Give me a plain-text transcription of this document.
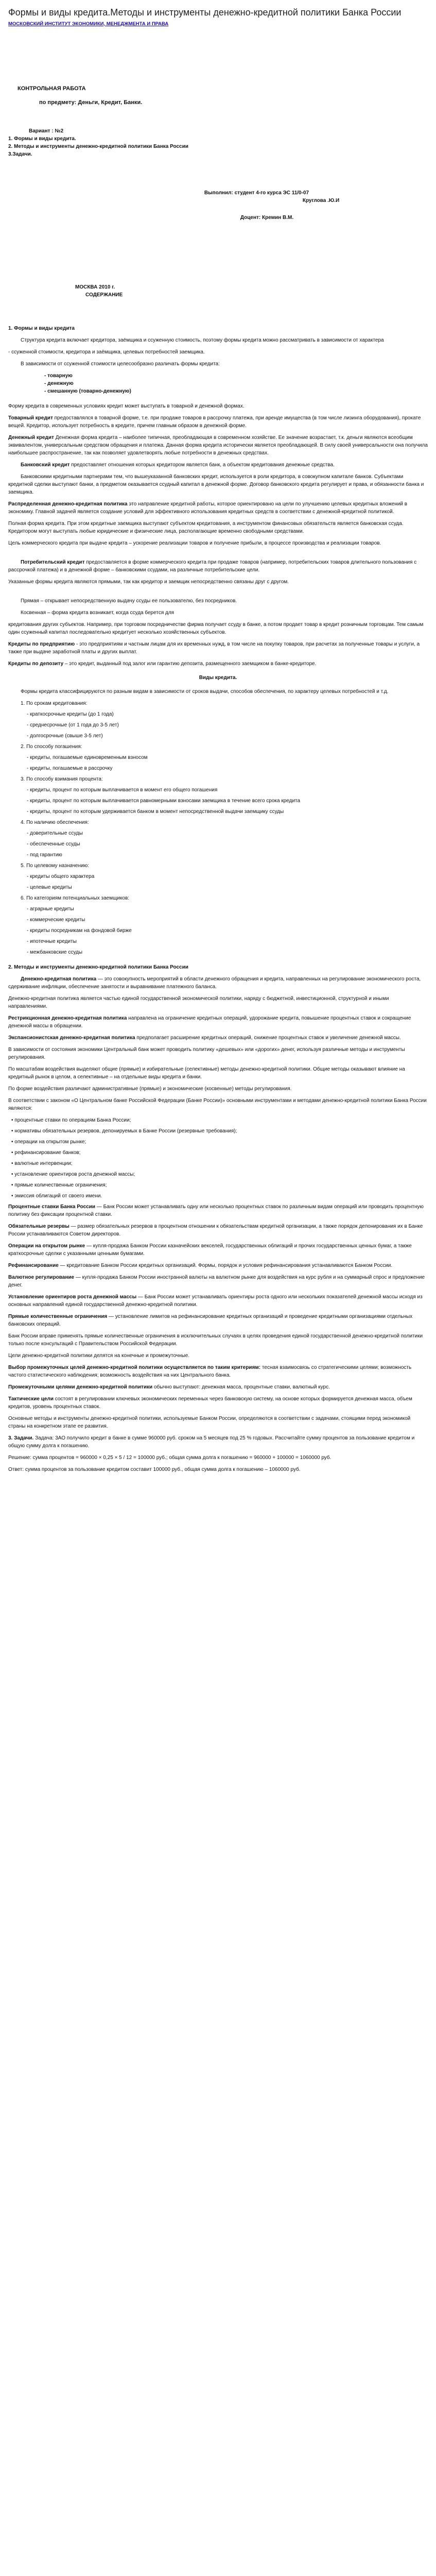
Формы и виды кредита.Методы и инструменты денежно-кредитной политики Банка России
МОСКОВСКИЙ ИНСТИТУТ ЭКОНОМИКИ, МЕНЕДЖМЕНТА И ПРАВА
КОНТРОЛЬНАЯ РАБОТА
по предмету: Деньги, Кредит, Банки.
Вариант : №2
1. Формы и виды кредита.
2. Методы и инструменты денежно-кредитной политики Банка России
3.Задачи.
Выполнил: студент 4-го курса ЭС 11/0-07
Круглова .Ю.И
Доцент: Кремин В.М.
МОСКВА 2010 г.
СОДЕРЖАНИЕ
1. Формы и виды кредита

Структура кредита включает кредитора, заёмщика и ссуженную стоимость, поэтому формы кредита можно рассматривать в зависимости от характера

- ссуженной стоимости, кредитора и заёмщика, целевых потребностей заемщика.

В зависимости от ссуженной стоимости целесообразно различать формы кредита:

- товарную
- денежную
- смешанную (товарно-денежную)

Форму кредита в современных условиях кредит может выступать в товарной и денежной формах.

Товарный кредит предоставлялся в товарной форме, т.е. при продаже товаров в рассрочку платежа, при аренде имущества (в том числе лизинга оборудования), прокате вещей. Кредитор, использует потребность в кредите, причем главным образом в денежной форме.

Денежный кредит Денежная форма кредита – наиболее типичная, преобладающая в современном хозяйстве. Ее значение возрастает, т.к. деньги являются всеобщим эквивалентом, универсальным средством обращения и платежа. Данная форма кредита исторически является преобладающей. В силу своей универсальности она получила наибольшее распространение, так как позволяет удовлетворять любые потребности в денежных средствах.

Банковский кредит предоставляет отношения которых кредитором является банк, а объектом кредитования денежные средства.

Банковскими кредитными партнерами тем, что вышеуказанной банковских кредит, используется в роли кредитора, в совокупном капитале банков. Субъектами кредитной сделки выступают банки, а предметом оказывается ссудный капитал в денежной форме. Договор банковского кредита регулирует и права, и обязанности банка и заемщика.

Распределенная денежно-кредитная политика это направление кредитной работы, которое ориентировано на цели по улучшению целевых кредитных вложений в экономику. Главной задачей является создание условий для эффективного использования кредитных средств в соответствии с денежной-кредитной политикой.

Полная форма кредита. При этом кредитные заемщика выступают субъектом кредитования, а инструментом финансовых обязательств является банковская ссуда. Кредитором могут выступать любые юридические и физические лица, располагающие временно свободными средствами.

Цель коммерческого кредита при выдаче кредита – ускорение реализации товаров и получение прибыли, в процессе производства и реализации товаров.

Потребительский кредит предоставляется в форме коммерческого кредита при продаже товаров (например, потребительских товаров длительного пользования с рассрочкой платежа) и в денежной форме – банковскими ссудами, на различные потребительские цели.

Указанные формы кредита являются прямыми, так как кредитор и заемщик непосредственно связаны друг с другом.

Прямая – открывает непосредственную выдачу ссуды ее пользователю, без посредников.

Косвенная – форма кредита возникает, когда ссуда берется для

кредитования других субъектов. Например, при торговом посредничестве фирма получает ссуду в банке, а потом продает товар в кредит розничным торговцам. Тем самым один ссуженный капитал последовательно кредитует несколько хозяйственных субъектов.

Кредиты по предприятию - это предприятиям и частным лицам для их временных нужд, в том числе на покупку товаров, при расчетах за полученные товары и услуги, а также при выдаче заработной платы и других выплат.

Кредиты по депозиту – это кредит, выданный под залог или гарантию депозита, размещенного заемщиком в банке-кредиторе.

Виды кредита.

Формы кредита классифицируются по разным видам в зависимости от сроков выдачи, способов обеспечения, по характеру целевых потребностей и т.д.

1. По срокам кредитования:
- краткосрочные кредиты (до 1 года)
- среднесрочные (от 1 года до 3-5 лет)
- долгосрочные (свыше 3-5 лет)
2. По способу погашения:
- кредиты, погашаемые единовременным взносом
- кредиты, погашаемые в рассрочку
3. По способу взимания процента:
- кредиты, процент по которым выплачивается в момент его общего погашения
- кредиты, процент по которым выплачивается равномерными взносами заемщика в течение всего срока кредита
- кредиты, процент по которым удерживается банком в момент непосредственной выдачи заемщику ссуды
4. По наличию обеспечения:
- доверительные ссуды
- обеспеченные ссуды
- под гарантию
5. По целевому назначению:
- кредиты общего характера
- целевые кредиты
6. По категориям потенциальных заемщиков:
- аграрные кредиты
- коммерческие кредиты
- кредиты посредникам на фондовой бирже
- ипотечные кредиты
- межбанковские ссуды
2. Методы и инструменты денежно-кредитной политики Банка России

Денежно-кредитная политика — это совокупность мероприятий в области денежного обращения и кредита, направленных на регулирование экономического роста, сдерживание инфляции, обеспечение занятости и выравнивание платежного баланса.

Денежно-кредитная политика является частью единой государственной экономической политики, наряду с бюджетной, инвестиционной, структурной и иными направлениями.

Рестрикционная денежно-кредитная политика направлена на ограничение кредитных операций, удорожание кредита, повышение процентных ставок и сокращение денежной массы в обращении.

Экспансионистская денежно-кредитная политика предполагает расширение кредитных операций, снижение процентных ставок и увеличение денежной массы.

В зависимости от состояния экономики Центральный банк может проводить политику «дешевых» или «дорогих» денег, используя различные методы и инструменты регулирования.

По масштабам воздействия выделяют общие (прямые) и избирательные (селективные) методы денежно-кредитной политики. Общие методы оказывают влияние на кредитный рынок в целом, а селективные – на отдельные виды кредита и банки.

По форме воздействия различают административные (прямые) и экономические (косвенные) методы регулирования.

В соответствии с законом «О Центральном банке Российской Федерации (Банке России)» основными инструментами и методами денежно-кредитной политики Банка России являются:

• процентные ставки по операциям Банка России;
• нормативы обязательных резервов, депонируемых в Банке России (резервные требования);
• операции на открытом рынке;
• рефинансирование банков;
• валютные интервенции;
• установление ориентиров роста денежной массы;
• прямые количественные ограничения;
• эмиссия облигаций от своего имени.

Процентные ставки Банка России — Банк России может устанавливать одну или несколько процентных ставок по различным видам операций или проводить процентную политику без фиксации процентной ставки.

Обязательные резервы — размер обязательных резервов в процентном отношении к обязательствам кредитной организации, а также порядок депонирования их в Банке России устанавливаются Советом директоров.

Операции на открытом рынке — купля-продажа Банком России казначейских векселей, государственных облигаций и прочих государственных ценных бумаг, а также краткосрочные сделки с указанными ценными бумагами.

Рефинансирование — кредитование Банком России кредитных организаций. Формы, порядок и условия рефинансирования устанавливаются Банком России.

Валютное регулирование — купля-продажа Банком России иностранной валюты на валютном рынке для воздействия на курс рубля и на суммарный спрос и предложение денег.

Установление ориентиров роста денежной массы — Банк России может устанавливать ориентиры роста одного или нескольких показателей денежной массы исходя из основных направлений единой государственной денежно-кредитной политики.

Прямые количественные ограничения — установление лимитов на рефинансирование кредитных организаций и проведение кредитными организациями отдельных банковских операций.

Банк России вправе применять прямые количественные ограничения в исключительных случаях в целях проведения единой государственной денежно-кредитной политики только после консультаций с Правительством Российской Федерации.

Цели денежно-кредитной политики делятся на конечные и промежуточные.

Выбор промежуточных целей денежно-кредитной политики осуществляется по таким критериям: тесная взаимосвязь со стратегическими целями; возможность частого статистического наблюдения; возможность воздействия на них Центрального банка.

Промежуточными целями денежно-кредитной политики обычно выступают: денежная масса, процентные ставки, валютный курс.

Тактические цели состоят в регулировании ключевых экономических переменных через банковскую систему, на основе которых формируется денежная масса, объем кредитов, уровень процентных ставок.

Основные методы и инструменты денежно-кредитной политики, используемые Банком России, определяются в соответствии с задачами, стоящими перед экономикой страны на конкретном этапе ее развития.

3. Задачи. Задача: 3АО получило кредит в банке в сумме 960000 руб. сроком на 5 месяцев под 25 % годовых. Рассчитайте сумму процентов за пользование кредитом и общую сумму долга к погашению.

Решение: сумма процентов = 960000 × 0,25 × 5 / 12 = 100000 руб.; общая сумма долга к погашению = 960000 + 100000 = 1060000 руб.

Ответ: сумма процентов за пользование кредитом составит 100000 руб., общая сумма долга к погашению – 1060000 руб.
